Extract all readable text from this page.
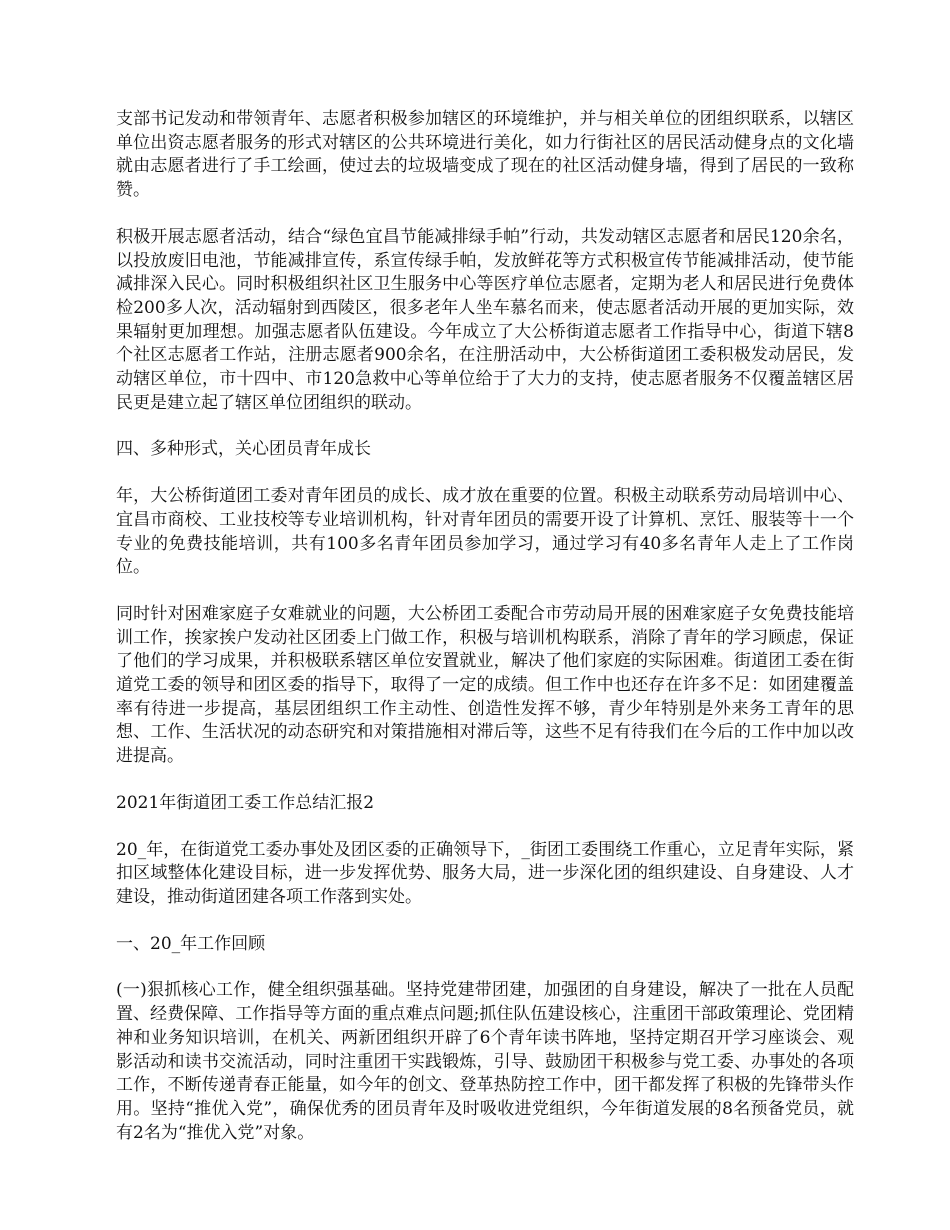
支部书记发动和带领青年、志愿者积极参加辖区的环境维护，并与相关单位的团组织联系，以辖区单位出资志愿者服务的形式对辖区的公共环境进行美化，如力行街社区的居民活动健身点的文化墙就由志愿者进行了手工绘画，使过去的垃圾墙变成了现在的社区活动健身墙，得到了居民的一致称赞。

积极开展志愿者活动，结合“绿色宜昌节能减排绿手帕”行动，共发动辖区志愿者和居民120余名，以投放废旧电池，节能减排宣传，系宣传绿手帕，发放鲜花等方式积极宣传节能减排活动，使节能减排深入民心。同时积极组织社区卫生服务中心等医疗单位志愿者，定期为老人和居民进行免费体检200多人次，活动辐射到西陵区，很多老年人坐车慕名而来，使志愿者活动开展的更加实际，效果辐射更加理想。加强志愿者队伍建设。今年成立了大公桥街道志愿者工作指导中心，街道下辖8个社区志愿者工作站，注册志愿者900余名，在注册活动中，大公桥街道团工委积极发动居民，发动辖区单位，市十四中、市120急救中心等单位给于了大力的支持，使志愿者服务不仅覆盖辖区居民更是建立起了辖区单位团组织的联动。

四、多种形式，关心团员青年成长

年，大公桥街道团工委对青年团员的成长、成才放在重要的位置。积极主动联系劳动局培训中心、宜昌市商校、工业技校等专业培训机构，针对青年团员的需要开设了计算机、烹饪、服装等十一个专业的免费技能培训，共有100多名青年团员参加学习，通过学习有40多名青年人走上了工作岗位。

同时针对困难家庭子女难就业的问题，大公桥团工委配合市劳动局开展的困难家庭子女免费技能培训工作，挨家挨户发动社区团委上门做工作，积极与培训机构联系，消除了青年的学习顾虑，保证了他们的学习成果，并积极联系辖区单位安置就业，解决了他们家庭的实际困难。街道团工委在街道党工委的领导和团区委的指导下，取得了一定的成绩。但工作中也还存在许多不足：如团建覆盖率有待进一步提高，基层团组织工作主动性、创造性发挥不够，青少年特别是外来务工青年的思想、工作、生活状况的动态研究和对策措施相对滞后等，这些不足有待我们在今后的工作中加以改进提高。

2021年街道团工委工作总结汇报2

20_年，在街道党工委办事处及团区委的正确领导下，_街团工委围绕工作重心，立足青年实际，紧扣区域整体化建设目标，进一步发挥优势、服务大局，进一步深化团的组织建设、自身建设、人才建设，推动街道团建各项工作落到实处。

一、20_年工作回顾

(一)狠抓核心工作，健全组织强基础。坚持党建带团建，加强团的自身建设，解决了一批在人员配置、经费保障、工作指导等方面的重点难点问题;抓住队伍建设核心，注重团干部政策理论、党团精神和业务知识培训，在机关、两新团组织开辟了6个青年读书阵地，坚持定期召开学习座谈会、观影活动和读书交流活动，同时注重团干实践锻炼，引导、鼓励团干积极参与党工委、办事处的各项工作，不断传递青春正能量，如今年的创文、登革热防控工作中，团干都发挥了积极的先锋带头作用。坚持“推优入党”，确保优秀的团员青年及时吸收进党组织，今年街道发展的8名预备党员，就有2名为“推优入党”对象。
